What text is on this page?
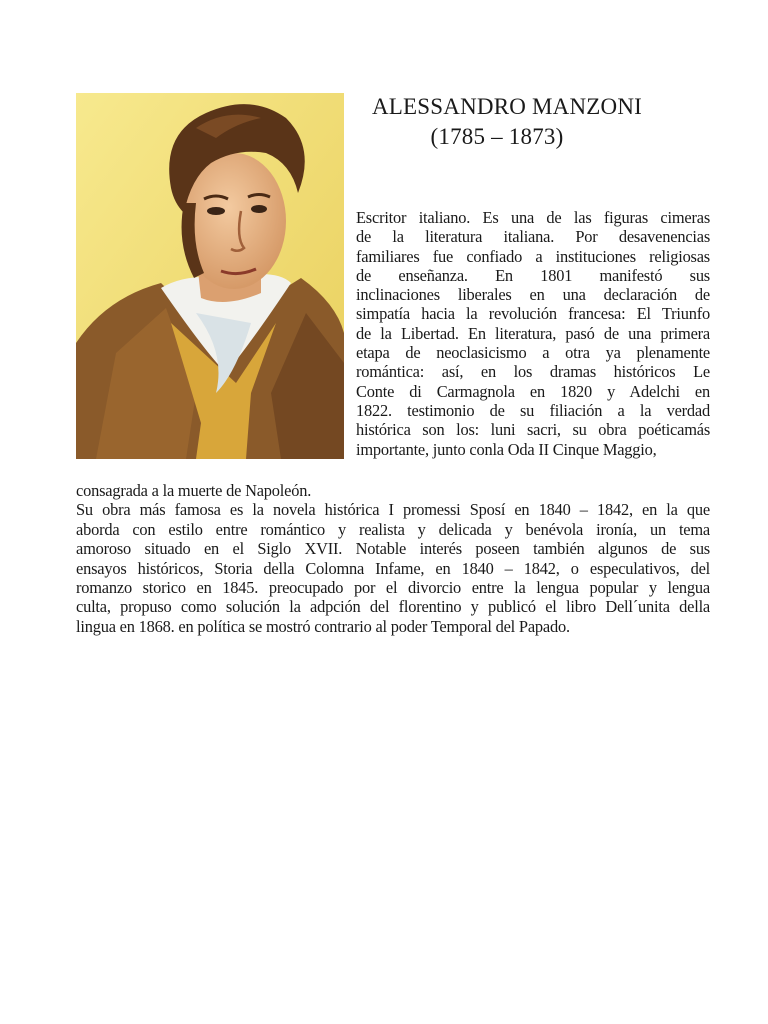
ALESSANDRO MANZONI
(1785 – 1873)
Escritor italiano. Es una de las figuras cimeras
de la literatura italiana. Por desavenencias
familiares fue confiado a instituciones religiosas
de enseñanza. En 1801 manifestó sus
inclinaciones liberales en una declaración de
simpatía hacia la revolución francesa: El Triunfo
de la Libertad. En literatura, pasó de una primera
etapa de neoclasicismo a otra ya plenamente
romántica: así, en los dramas históricos Le
Conte di Carmagnola en 1820 y Adelchi en
1822. testimonio de su filiación a la verdad
histórica son los: luni sacri, su obra poéticamás
importante, junto conla Oda II Cinque Maggio,
consagrada a la muerte de Napoleón.
Su obra más famosa es la novela histórica I promessi Sposí en 1840 – 1842, en la que
aborda con estilo entre romántico y realista y delicada y benévola ironía, un tema
amoroso situado en el Siglo XVII. Notable interés poseen también algunos de sus
ensayos históricos, Storia della Colomna Infame, en 1840 – 1842, o especulativos, del
romanzo storico en 1845. preocupado por el divorcio entre la lengua popular y lengua
culta, propuso como solución la adpción del florentino y publicó el libro Dell´unita della
lingua en 1868. en política se mostró contrario al poder Temporal del Papado.
